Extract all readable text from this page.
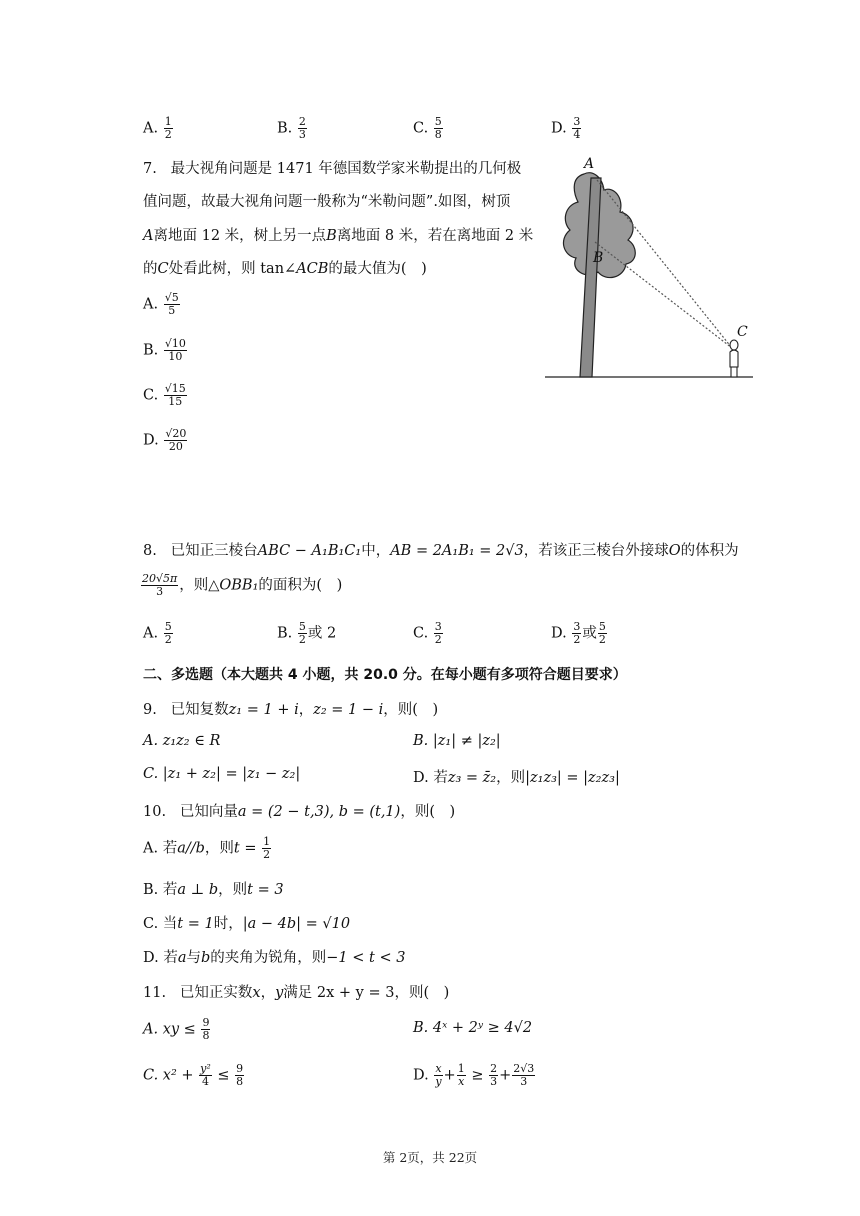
A. $\frac{1}{2}$	B. $\frac{2}{3}$	C. $\frac{5}{8}$	D. $\frac{3}{4}$
7. 最大视角问题是 1471 年德国数学家米勒提出的几何极
值问题，故最大视角问题一般称为“米勒问题”.如图，树顶
A离地面 12 米，树上另一点B离地面 8 米，若在离地面 2 米
的C处看此树，则 tan∠ACB的最大值为(　)
A. $\frac{√5}{5}$
B. $\frac{√10}{10}$
C. $\frac{√15}{15}$
D. $\frac{√20}{20}$
A
B
C
8. 已知正三棱台ABC − A₁B₁C₁中，AB = 2A₁B₁ = 2√3，若该正三棱台外接球O的体积为
$\frac{20√5\pi}{3}$ ，则△OBB₁的面积为(　)
A. $\frac{5}{2}$	B. $\frac{5}{2}$ 或 2	C. $\frac{3}{2}$	D. $\frac{3}{2}$ 或 $\frac{5}{2}$
二、多选题（本大题共 4 小题，共 20.0 分。在每小题有多项符合题目要求）
9. 已知复数z₁ = 1 + i，z₂ = 1 − i，则(　)
A. z₁z₂ ∈ R	B. |z₁| ≠ |z₂|
C. |z₁ + z₂| = |z₁ − z₂|	D. 若z₃ = z̄₂，则|z₁z₃| = |z₂z₃|
10. 已知向量a = (2 − t,3), b = (t,1)，则(　)
A. 若a//b，则$t = \frac{1}{2}$
B. 若a ⊥ b，则t = 3
C. 当t = 1时，|a − 4b| = √10
D. 若a与b的夹角为锐角，则−1 < t < 3
11. 已知正实数x，y满足 2x + y = 3，则(　)
A. xy ≤ $\frac{9}{8}$	B. 4ˣ + 2ʸ ≥ 4√2
C. $x^2 + \frac{\text{y²}}{4} \le \frac{9}{8}$	D. $\frac{x}{y} + \frac{1}{x} \ge \frac{2}{3} + \frac{2√3}{3}$
第 2页，共 22页
